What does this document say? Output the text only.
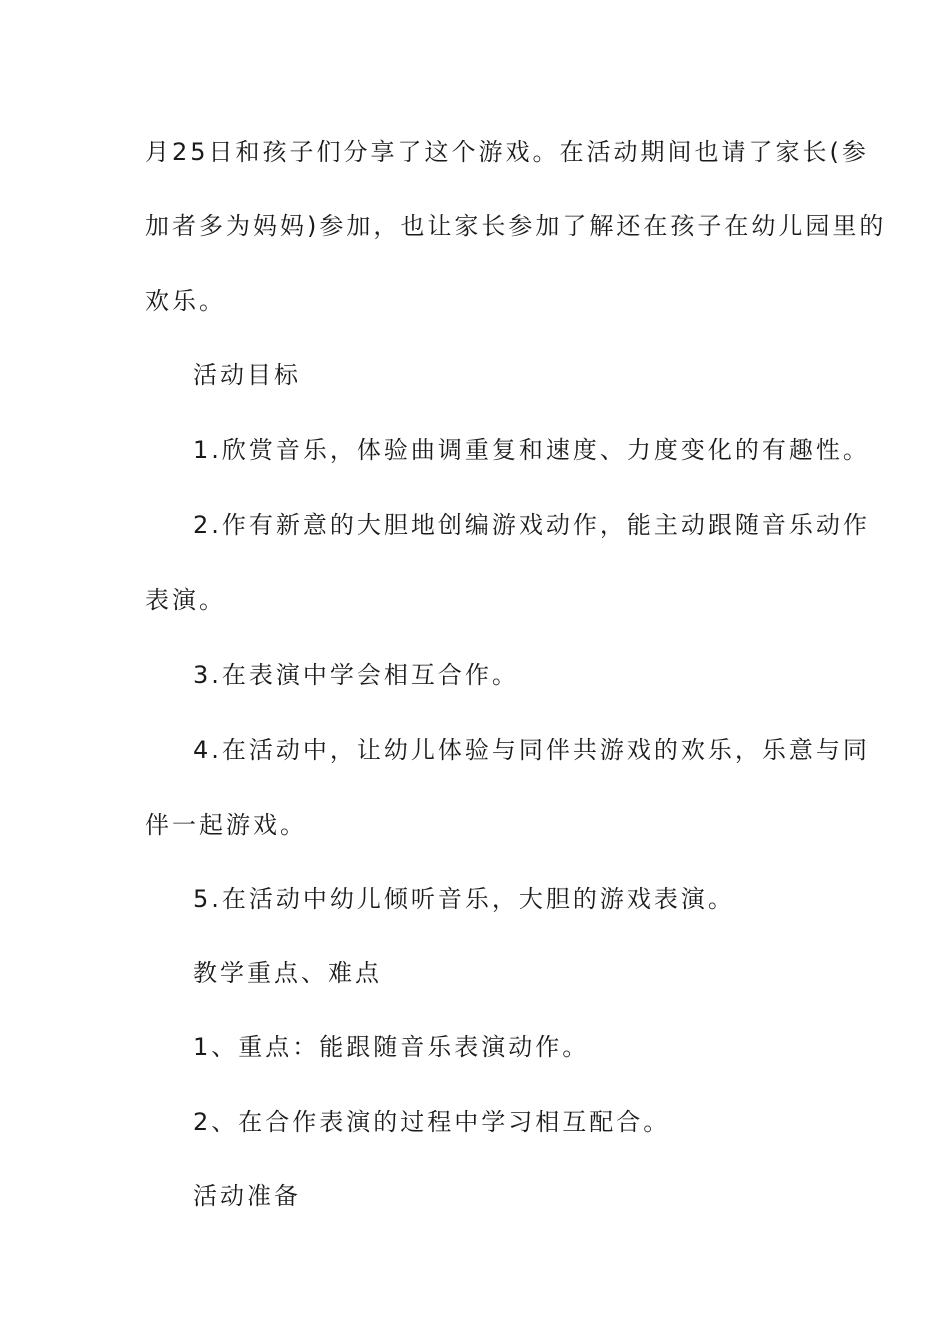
月25日和孩子们分享了这个游戏。在活动期间也请了家长(参
加者多为妈妈)参加，也让家长参加了解还在孩子在幼儿园里的
欢乐。
活动目标
1.欣赏音乐，体验曲调重复和速度、力度变化的有趣性。
2.作有新意的大胆地创编游戏动作，能主动跟随音乐动作
表演。
3.在表演中学会相互合作。
4.在活动中，让幼儿体验与同伴共游戏的欢乐，乐意与同
伴一起游戏。
5.在活动中幼儿倾听音乐，大胆的游戏表演。
教学重点、难点
1、重点：能跟随音乐表演动作。
2、在合作表演的过程中学习相互配合。
活动准备
